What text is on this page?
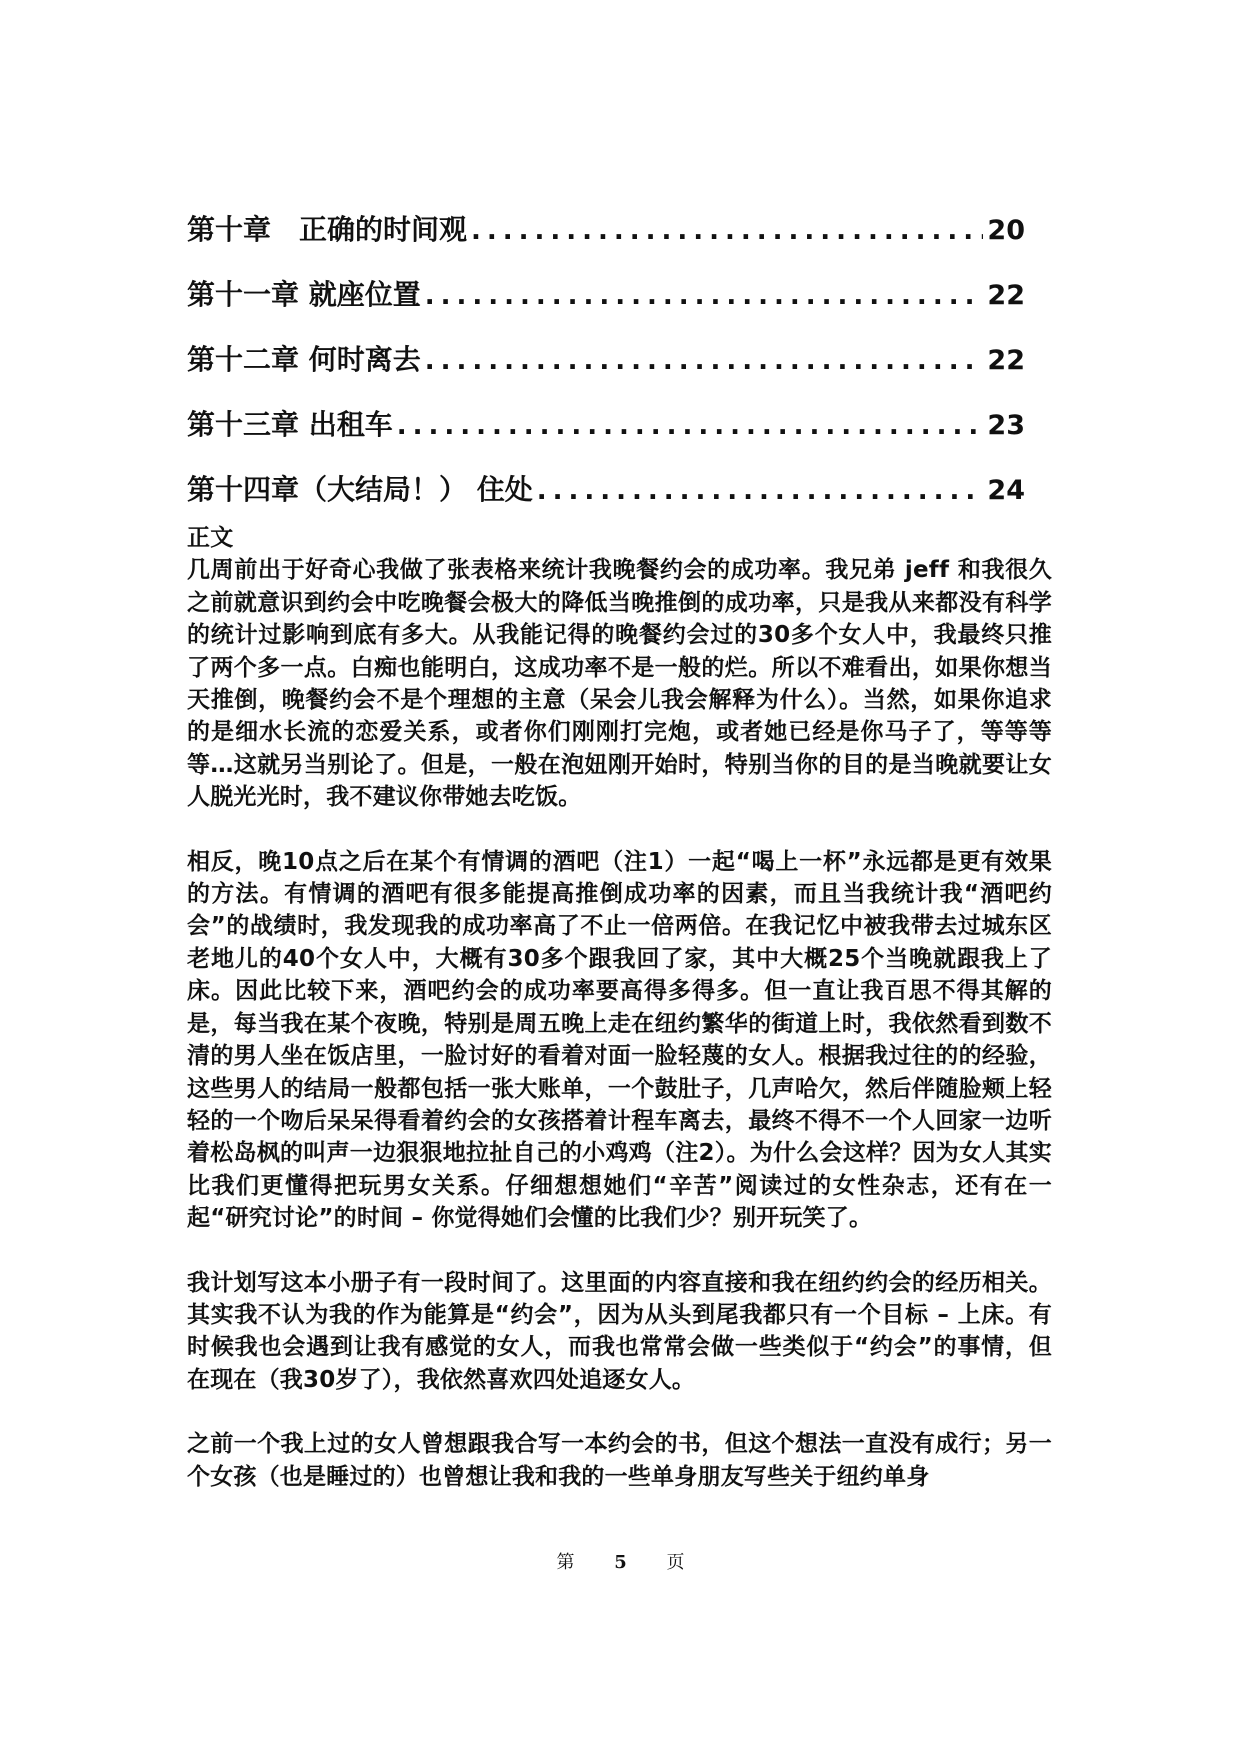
第十章　正确的时间观 .....	20
第十一章 就座位置 .....	22
第十二章 何时离去 .....	22
第十三章 出租车 .....	23
第十四章（大结局！） 住处 .....	24

正文

几周前出于好奇心我做了张表格来统计我晚餐约会的成功率。我兄弟 jeff 和我很久之前就意识到约会中吃晚餐会极大的降低当晚推倒的成功率，只是我从来都没有科学的统计过影响到底有多大。从我能记得的晚餐约会过的30多个女人中，我最终只推了两个多一点。白痴也能明白，这成功率不是一般的烂。所以不难看出，如果你想当天推倒，晚餐约会不是个理想的主意（呆会儿我会解释为什么）。当然，如果你追求的是细水长流的恋爱关系，或者你们刚刚打完炮，或者她已经是你马子了，等等等等…这就另当别论了。但是，一般在泡妞刚开始时，特别当你的目的是当晚就要让女人脱光光时，我不建议你带她去吃饭。

相反，晚10点之后在某个有情调的酒吧（注1）一起“喝上一杯”永远都是更有效果的方法。有情调的酒吧有很多能提高推倒成功率的因素，而且当我统计我“酒吧约会”的战绩时，我发现我的成功率高了不止一倍两倍。在我记忆中被我带去过城东区老地儿的40个女人中，大概有30多个跟我回了家，其中大概25个当晚就跟我上了床。因此比较下来，酒吧约会的成功率要高得多得多。但一直让我百思不得其解的是，每当我在某个夜晚，特别是周五晚上走在纽约繁华的街道上时，我依然看到数不清的男人坐在饭店里，一脸讨好的看着对面一脸轻蔑的女人。根据我过往的的经验，这些男人的结局一般都包括一张大账单，一个鼓肚子，几声哈欠，然后伴随脸颊上轻轻的一个吻后呆呆得看着约会的女孩搭着计程车离去，最终不得不一个人回家一边听着松岛枫的叫声一边狠狠地拉扯自己的小鸡鸡（注2）。为什么会这样？因为女人其实比我们更懂得把玩男女关系。仔细想想她们“辛苦”阅读过的女性杂志，还有在一起“研究讨论”的时间 – 你觉得她们会懂的比我们少？别开玩笑了。

我计划写这本小册子有一段时间了。这里面的内容直接和我在纽约约会的经历相关。其实我不认为我的作为能算是“约会”，因为从头到尾我都只有一个目标 – 上床。有时候我也会遇到让我有感觉的女人，而我也常常会做一些类似于“约会”的事情，但在现在（我30岁了），我依然喜欢四处追逐女人。

之前一个我上过的女人曾想跟我合写一本约会的书，但这个想法一直没有成行；另一个女孩（也是睡过的）也曾想让我和我的一些单身朋友写些关于纽约单身

第 5 页
